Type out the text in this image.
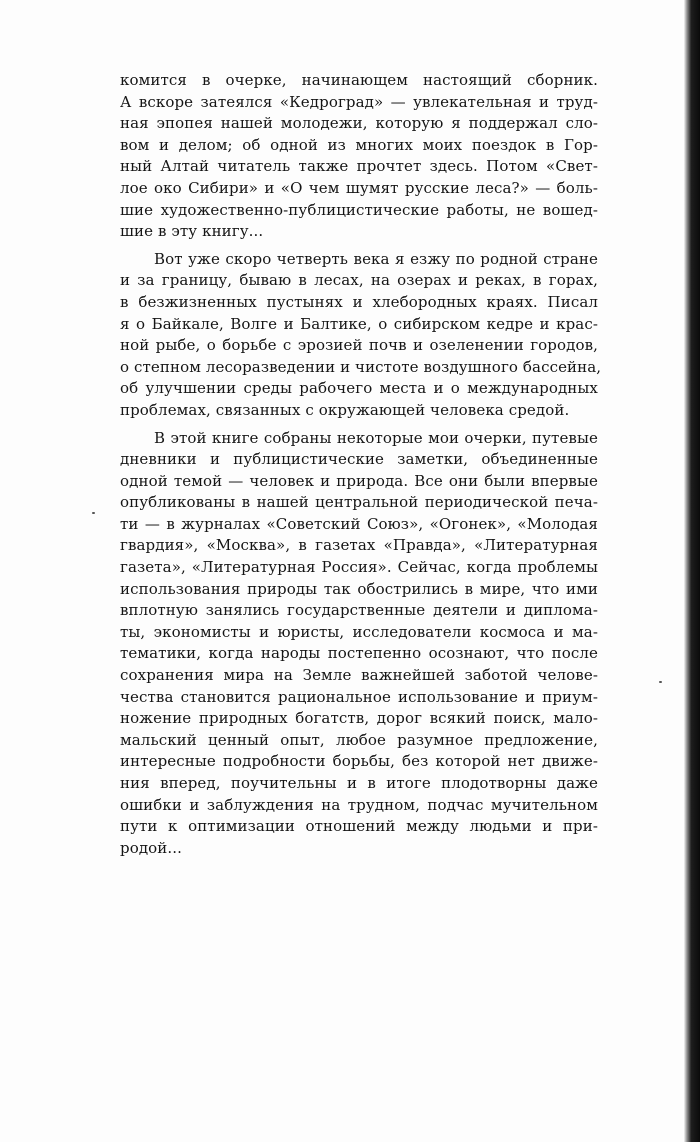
комится в очерке, начинающем настоящий сборник.
А вскоре затеялся «Кедроград» — увлекательная и труд-
ная эпопея нашей молодежи, которую я поддержал сло-
вом и делом; об одной из многих моих поездок в Гор-
ный Алтай читатель также прочтет здесь. Потом «Свет-
лое око Сибири» и «О чем шумят русские леса?» — боль-
шие художественно-публицистические работы, не вошед-
шие в эту книгу...

Вот уже скоро четверть века я езжу по родной стране
и за границу, бываю в лесах, на озерах и реках, в горах,
в безжизненных пустынях и хлебородных краях. Писал
я о Байкале, Волге и Балтике, о сибирском кедре и крас-
ной рыбе, о борьбе с эрозией почв и озеленении городов,
о степном лесоразведении и чистоте воздушного бассейна,
об улучшении среды рабочего места и о международных
проблемах, связанных с окружающей человека средой.

В этой книге собраны некоторые мои очерки, путевые
дневники и публицистические заметки, объединенные
одной темой — человек и природа. Все они были впервые
опубликованы в нашей центральной периодической печа-
ти — в журналах «Советский Союз», «Огонек», «Молодая
гвардия», «Москва», в газетах «Правда», «Литературная
газета», «Литературная Россия». Сейчас, когда проблемы
использования природы так обострились в мире, что ими
вплотную занялись государственные деятели и диплома-
ты, экономисты и юристы, исследователи космоса и ма-
тематики, когда народы постепенно осознают, что после
сохранения мира на Земле важнейшей заботой челове-
чества становится рациональное использование и приум-
ножение природных богатств, дорог всякий поиск, мало-
мальский ценный опыт, любое разумное предложение,
интересные подробности борьбы, без которой нет движе-
ния вперед, поучительны и в итоге плодотворны даже
ошибки и заблуждения на трудном, подчас мучительном
пути к оптимизации отношений между людьми и при-
родой...
